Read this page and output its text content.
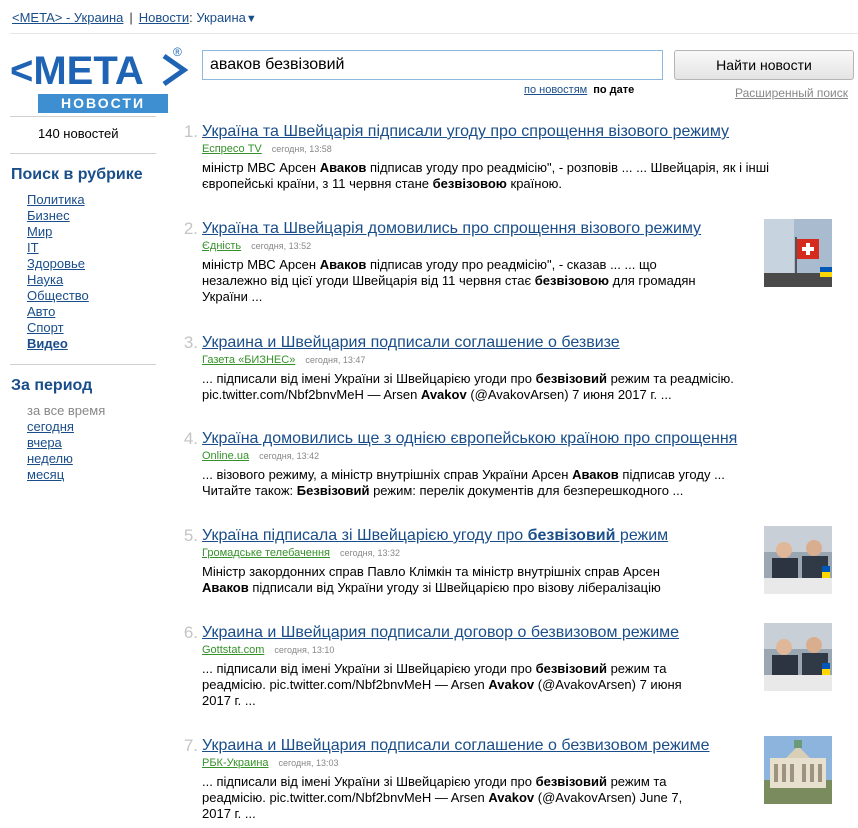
<META> - Украина | Новости: Украина▼
<META ®
НОВОСТИ
аваков безвізовий
Найти новости
по новостям по дате	Расширенный поиск
140 новостей
Поиск в рубрике
Политика
Бизнес
Мир
IT
Здоровье
Наука
Общество
Авто
Спорт
Видео
За период
за все время
сегодня
вчера
неделю
месяц
1. Україна та Швейцарія підписали угоду про спрощення візового режиму
Еспресо TV сегодня, 13:58
міністр МВС Арсен Аваков підписав угоду про реадмісію", - розповів ... ... Швейцарія, як і інші
європейські країни, з 11 червня стане безвізовою країною.
2. Україна та Швейцарія домовились про спрощення візового режиму
Єдність сегодня, 13:52
міністр МВС Арсен Аваков підписав угоду про реадмісію", - сказав ... ... що
незалежно від цієї угоди Швейцарія від 11 червня стає безвізовою для громадян
України ...
3. Украина и Швейцария подписали соглашение о безвизе
Газета «БИЗНЕС» сегодня, 13:47
... підписали від імені України зі Швейцарією угоди про безвізовий режим та реадмісію.
pic.twitter.com/Nbf2bnvMeH — Arsen Avakov (@AvakovArsen) 7 июня 2017 г. ...
4. Україна домовились ще з однією європейською країною про спрощення
Online.ua сегодня, 13:42
... візового режиму, а міністр внутрішніх справ України Арсен Аваков підписав угоду ...
Читайте також: Безвізовий режим: перелік документів для безперешкодного ...
5. Україна підписала зі Швейцарією угоду про безвізовий режим
Громадське телебачення сегодня, 13:32
Міністр закордонних справ Павло Клімкін та міністр внутрішніх справ Арсен
Аваков підписали від України угоду зі Швейцарією про візову лібералізацію
6. Украина и Швейцария подписали договор о безвизовом режиме
Gottstat.com сегодня, 13:10
... підписали від імені України зі Швейцарією угоди про безвізовий режим та
реадмісію. pic.twitter.com/Nbf2bnvMeH — Arsen Avakov (@AvakovArsen) 7 июня
2017 г. ...
7. Украина и Швейцария подписали соглашение о безвизовом режиме
РБК-Украина сегодня, 13:03
... підписали від імені України зі Швейцарією угоди про безвізовий режим та
реадмісію. pic.twitter.com/Nbf2bnvMeH — Arsen Avakov (@AvakovArsen) June 7,
2017 г. ...
